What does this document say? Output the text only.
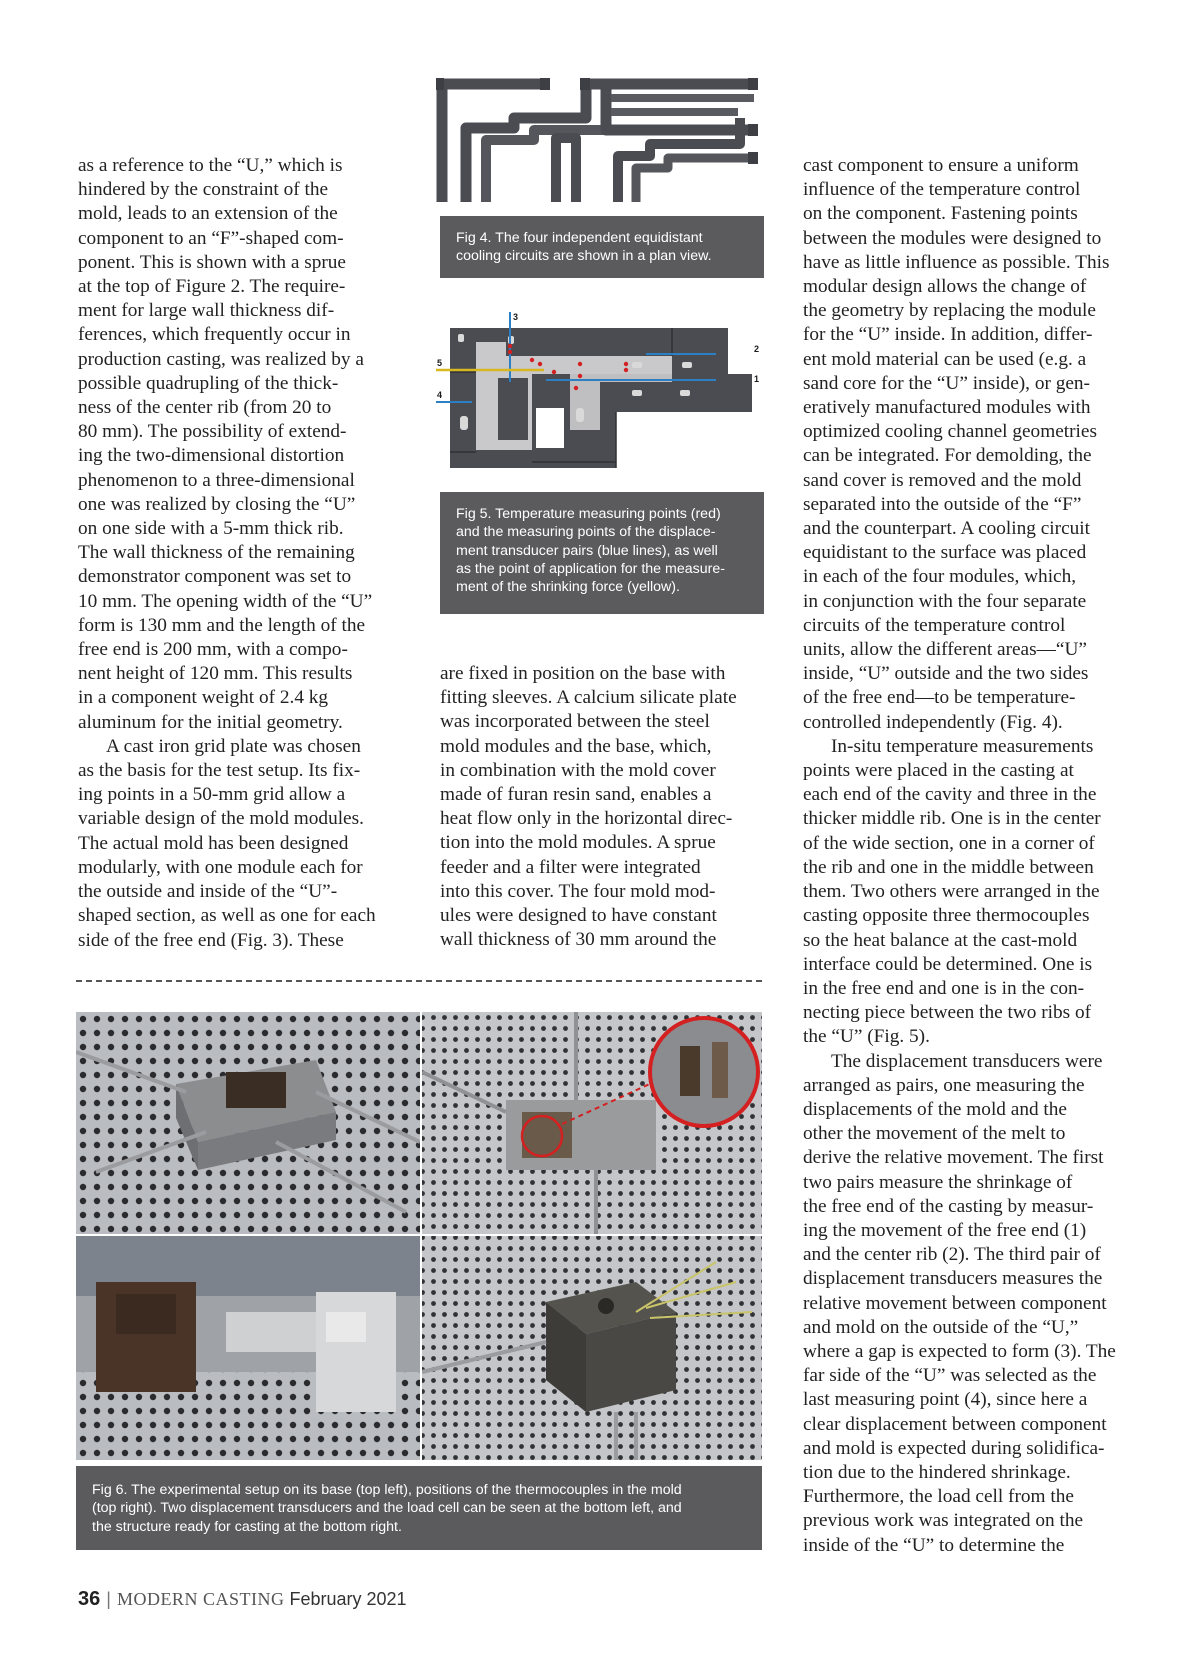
as a reference to the “U,” which is

hindered by the constraint of the

mold, leads to an extension of the

component to an “F”-shaped com-

ponent. This is shown with a sprue

at the top of Figure 2. The require-

ment for large wall thickness dif-

ferences, which frequently occur in

production casting, was realized by a

possible quadrupling of the thick-

ness of the center rib (from 20 to

80 mm). The possibility of extend-

ing the two-dimensional distortion

phenomenon to a three-dimensional

one was realized by closing the “U”

on one side with a 5-mm thick rib.

The wall thickness of the remaining

demonstrator component was set to

10 mm. The opening width of the “U”

form is 130 mm and the length of the

free end is 200 mm, with a compo-

nent height of 120 mm. This results

in a component weight of 2.4 kg

aluminum for the initial geometry.

A cast iron grid plate was chosen

as the basis for the test setup. Its fix-

ing points in a 50-mm grid allow a

variable design of the mold modules.

The actual mold has been designed

modularly, with one module each for

the outside and inside of the “U”-

shaped section, as well as one for each

side of the free end (Fig. 3). These

Fig 4. The four independent equidistant
cooling circuits are shown in a plan view.
3
2
1
5
4
Fig 5. Temperature measuring points (red)
and the measuring points of the displace-
ment transducer pairs (blue lines), as well
as the point of application for the measure-
ment of the shrinking force (yellow).

are fixed in position on the base with

fitting sleeves. A calcium silicate plate

was incorporated between the steel

mold modules and the base, which,

in combination with the mold cover

made of furan resin sand, enables a

heat flow only in the horizontal direc-

tion into the mold modules. A sprue

feeder and a filter were integrated

into this cover. The four mold mod-

ules were designed to have constant

wall thickness of 30 mm around the

Fig 6. The experimental setup on its base (top left), positions of the thermocouples in the mold
(top right). Two displacement transducers and the load cell can be seen at the bottom left, and
the structure ready for casting at the bottom right.

cast component to ensure a uniform

influence of the temperature control

on the component. Fastening points

between the modules were designed to

have as little influence as possible. This

modular design allows the change of

the geometry by replacing the module

for the “U” inside. In addition, differ-

ent mold material can be used (e.g. a

sand core for the “U” inside), or gen-

eratively manufactured modules with

optimized cooling channel geometries

can be integrated. For demolding, the

sand cover is removed and the mold

separated into the outside of the “F”

and the counterpart. A cooling circuit

equidistant to the surface was placed

in each of the four modules, which,

in conjunction with the four separate

circuits of the temperature control

units, allow the different areas—“U”

inside, “U” outside and the two sides

of the free end—to be temperature-

controlled independently (Fig. 4).

In-situ temperature measurements

points were placed in the casting at

each end of the cavity and three in the

thicker middle rib. One is in the center

of the wide section, one in a corner of

the rib and one in the middle between

them. Two others were arranged in the

casting opposite three thermocouples

so the heat balance at the cast-mold

interface could be determined. One is

in the free end and one is in the con-

necting piece between the two ribs of

the “U” (Fig. 5).

The displacement transducers were

arranged as pairs, one measuring the

displacements of the mold and the

other the movement of the melt to

derive the relative movement. The first

two pairs measure the shrinkage of

the free end of the casting by measur-

ing the movement of the free end (1)

and the center rib (2). The third pair of

displacement transducers measures the

relative movement between component

and mold on the outside of the “U,”

where a gap is expected to form (3). The

far side of the “U” was selected as the

last measuring point (4), since here a

clear displacement between component

and mold is expected during solidifica-

tion due to the hindered shrinkage.

Furthermore, the load cell from the

previous work was integrated on the

inside of the “U” to determine the

36 | MODERN CASTING February 2021
